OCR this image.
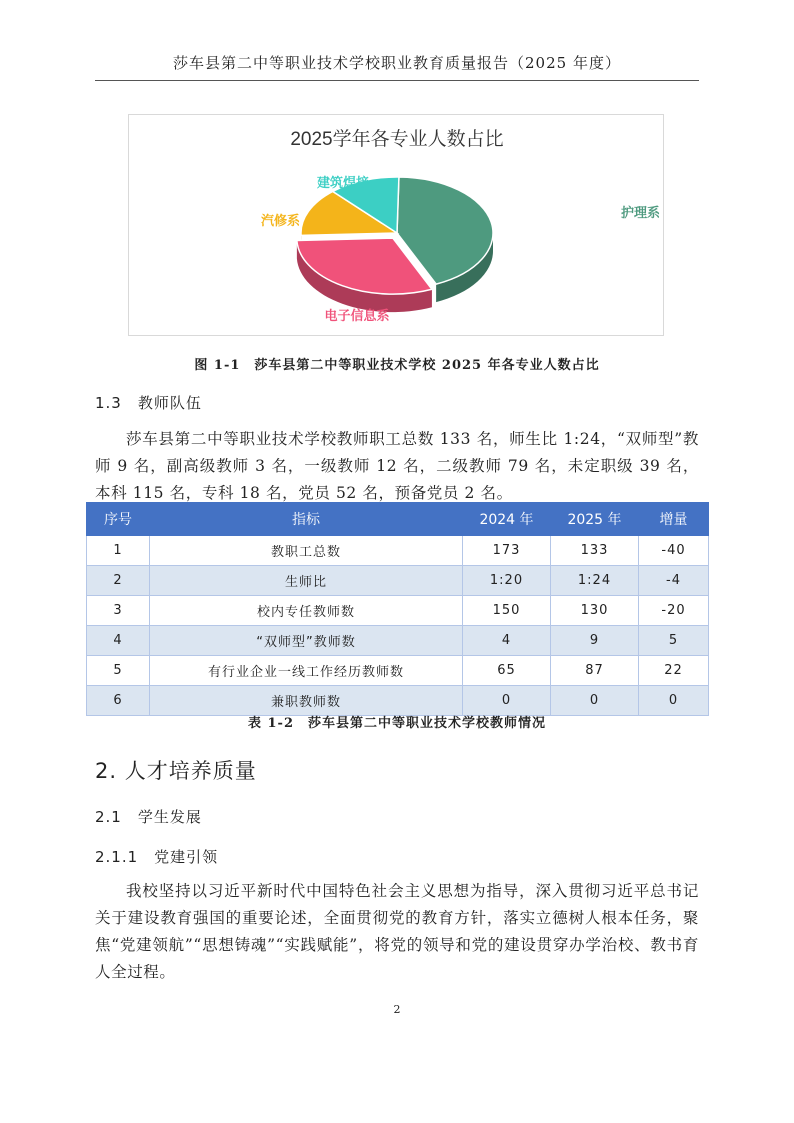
莎车县第二中等职业技术学校职业教育质量报告（2025 年度）
2025学年各专业人数占比
护理系
电子信息系
汽修系
建筑焊接
图 1-1　莎车县第二中等职业技术学校 2025 年各专业人数占比
1.3　教师队伍

莎车县第二中等职业技术学校教师职工总数 133 名，师生比 1:24，“双师型”教师 9 名，副高级教师 3 名，一级教师 12 名，二级教师 79 名，未定职级 39 名，本科 115 名，专科 18 名，党员 52 名，预备党员 2 名。

序号	指标	2024 年	2025 年	增量
1	教职工总数	173	133	-40
2	生师比	1:20	1:24	-4
3	校内专任教师数	150	130	-20
4	“双师型”教师数	4	9	5
5	有行业企业一线工作经历教师数	65	87	22
6	兼职教师数	0	0	0
表 1-2　莎车县第二中等职业技术学校教师情况
2. 人才培养质量
2.1　学生发展
2.1.1　党建引领

我校坚持以习近平新时代中国特色社会主义思想为指导，深入贯彻习近平总书记关于建设教育强国的重要论述，全面贯彻党的教育方针，落实立德树人根本任务，聚焦“党建领航”“思想铸魂”“实践赋能”，将党的领导和党的建设贯穿办学治校、教书育人全过程。

2
